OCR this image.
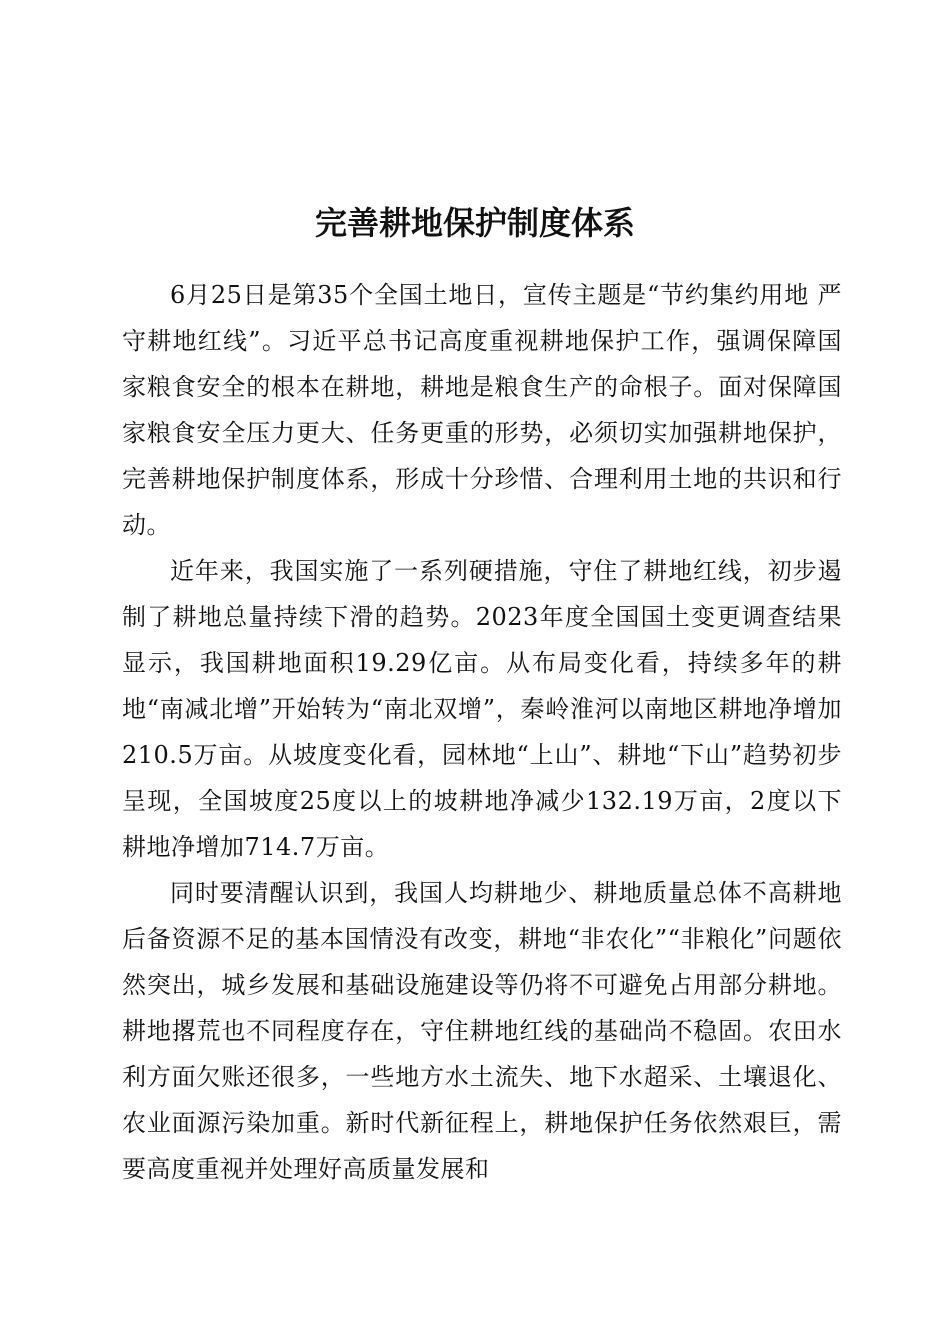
完善耕地保护制度体系

6月25日是第35个全国土地日，宣传主题是“节约集约用地 严守耕地红线”。习近平总书记高度重视耕地保护工作，强调保障国家粮食安全的根本在耕地，耕地是粮食生产的命根子。面对保障国家粮食安全压力更大、任务更重的形势，必须切实加强耕地保护，完善耕地保护制度体系，形成十分珍惜、合理利用土地的共识和行动。

近年来，我国实施了一系列硬措施，守住了耕地红线，初步遏制了耕地总量持续下滑的趋势。2023年度全国国土变更调查结果显示，我国耕地面积19.29亿亩。从布局变化看，持续多年的耕地“南减北增”开始转为“南北双增”，秦岭淮河以南地区耕地净增加210.5万亩。从坡度变化看，园林地“上山”、耕地“下山”趋势初步呈现，全国坡度25度以上的坡耕地净减少132.19万亩，2度以下耕地净增加714.7万亩。

同时要清醒认识到，我国人均耕地少、耕地质量总体不高耕地后备资源不足的基本国情没有改变，耕地“非农化”“非粮化”问题依然突出，城乡发展和基础设施建设等仍将不可避免占用部分耕地。耕地撂荒也不同程度存在，守住耕地红线的基础尚不稳固。农田水利方面欠账还很多，一些地方水土流失、地下水超采、土壤退化、农业面源污染加重。新时代新征程上，耕地保护任务依然艰巨，需要高度重视并处理好高质量发展和
